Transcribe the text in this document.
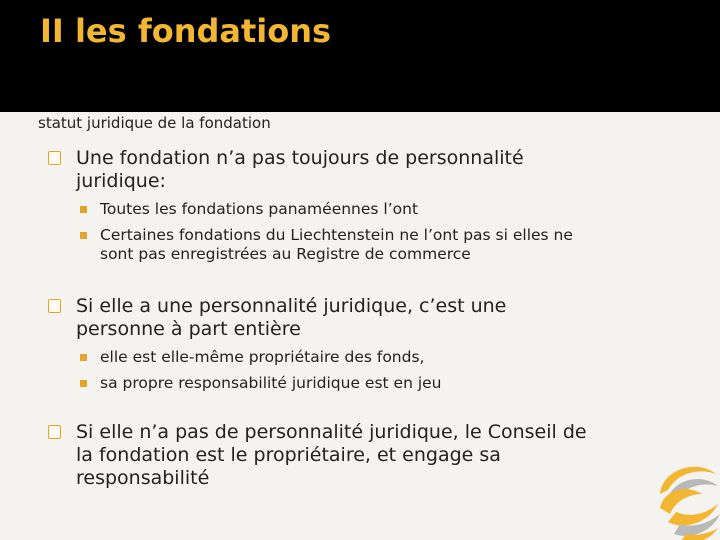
II les fondations
statut juridique de la fondation
Une fondation n’a pas toujours de personnalité juridique:
Toutes les fondations panaméennes l’ont
Certaines fondations du Liechtenstein ne l’ont pas si elles ne sont pas enregistrées au Registre de commerce
Si elle a une personnalité juridique, c’est une personne à part entière
elle est elle-même propriétaire des fonds,
sa propre responsabilité juridique est en jeu
Si elle n’a pas de personnalité juridique, le Conseil de la fondation est le propriétaire, et engage sa responsabilité
